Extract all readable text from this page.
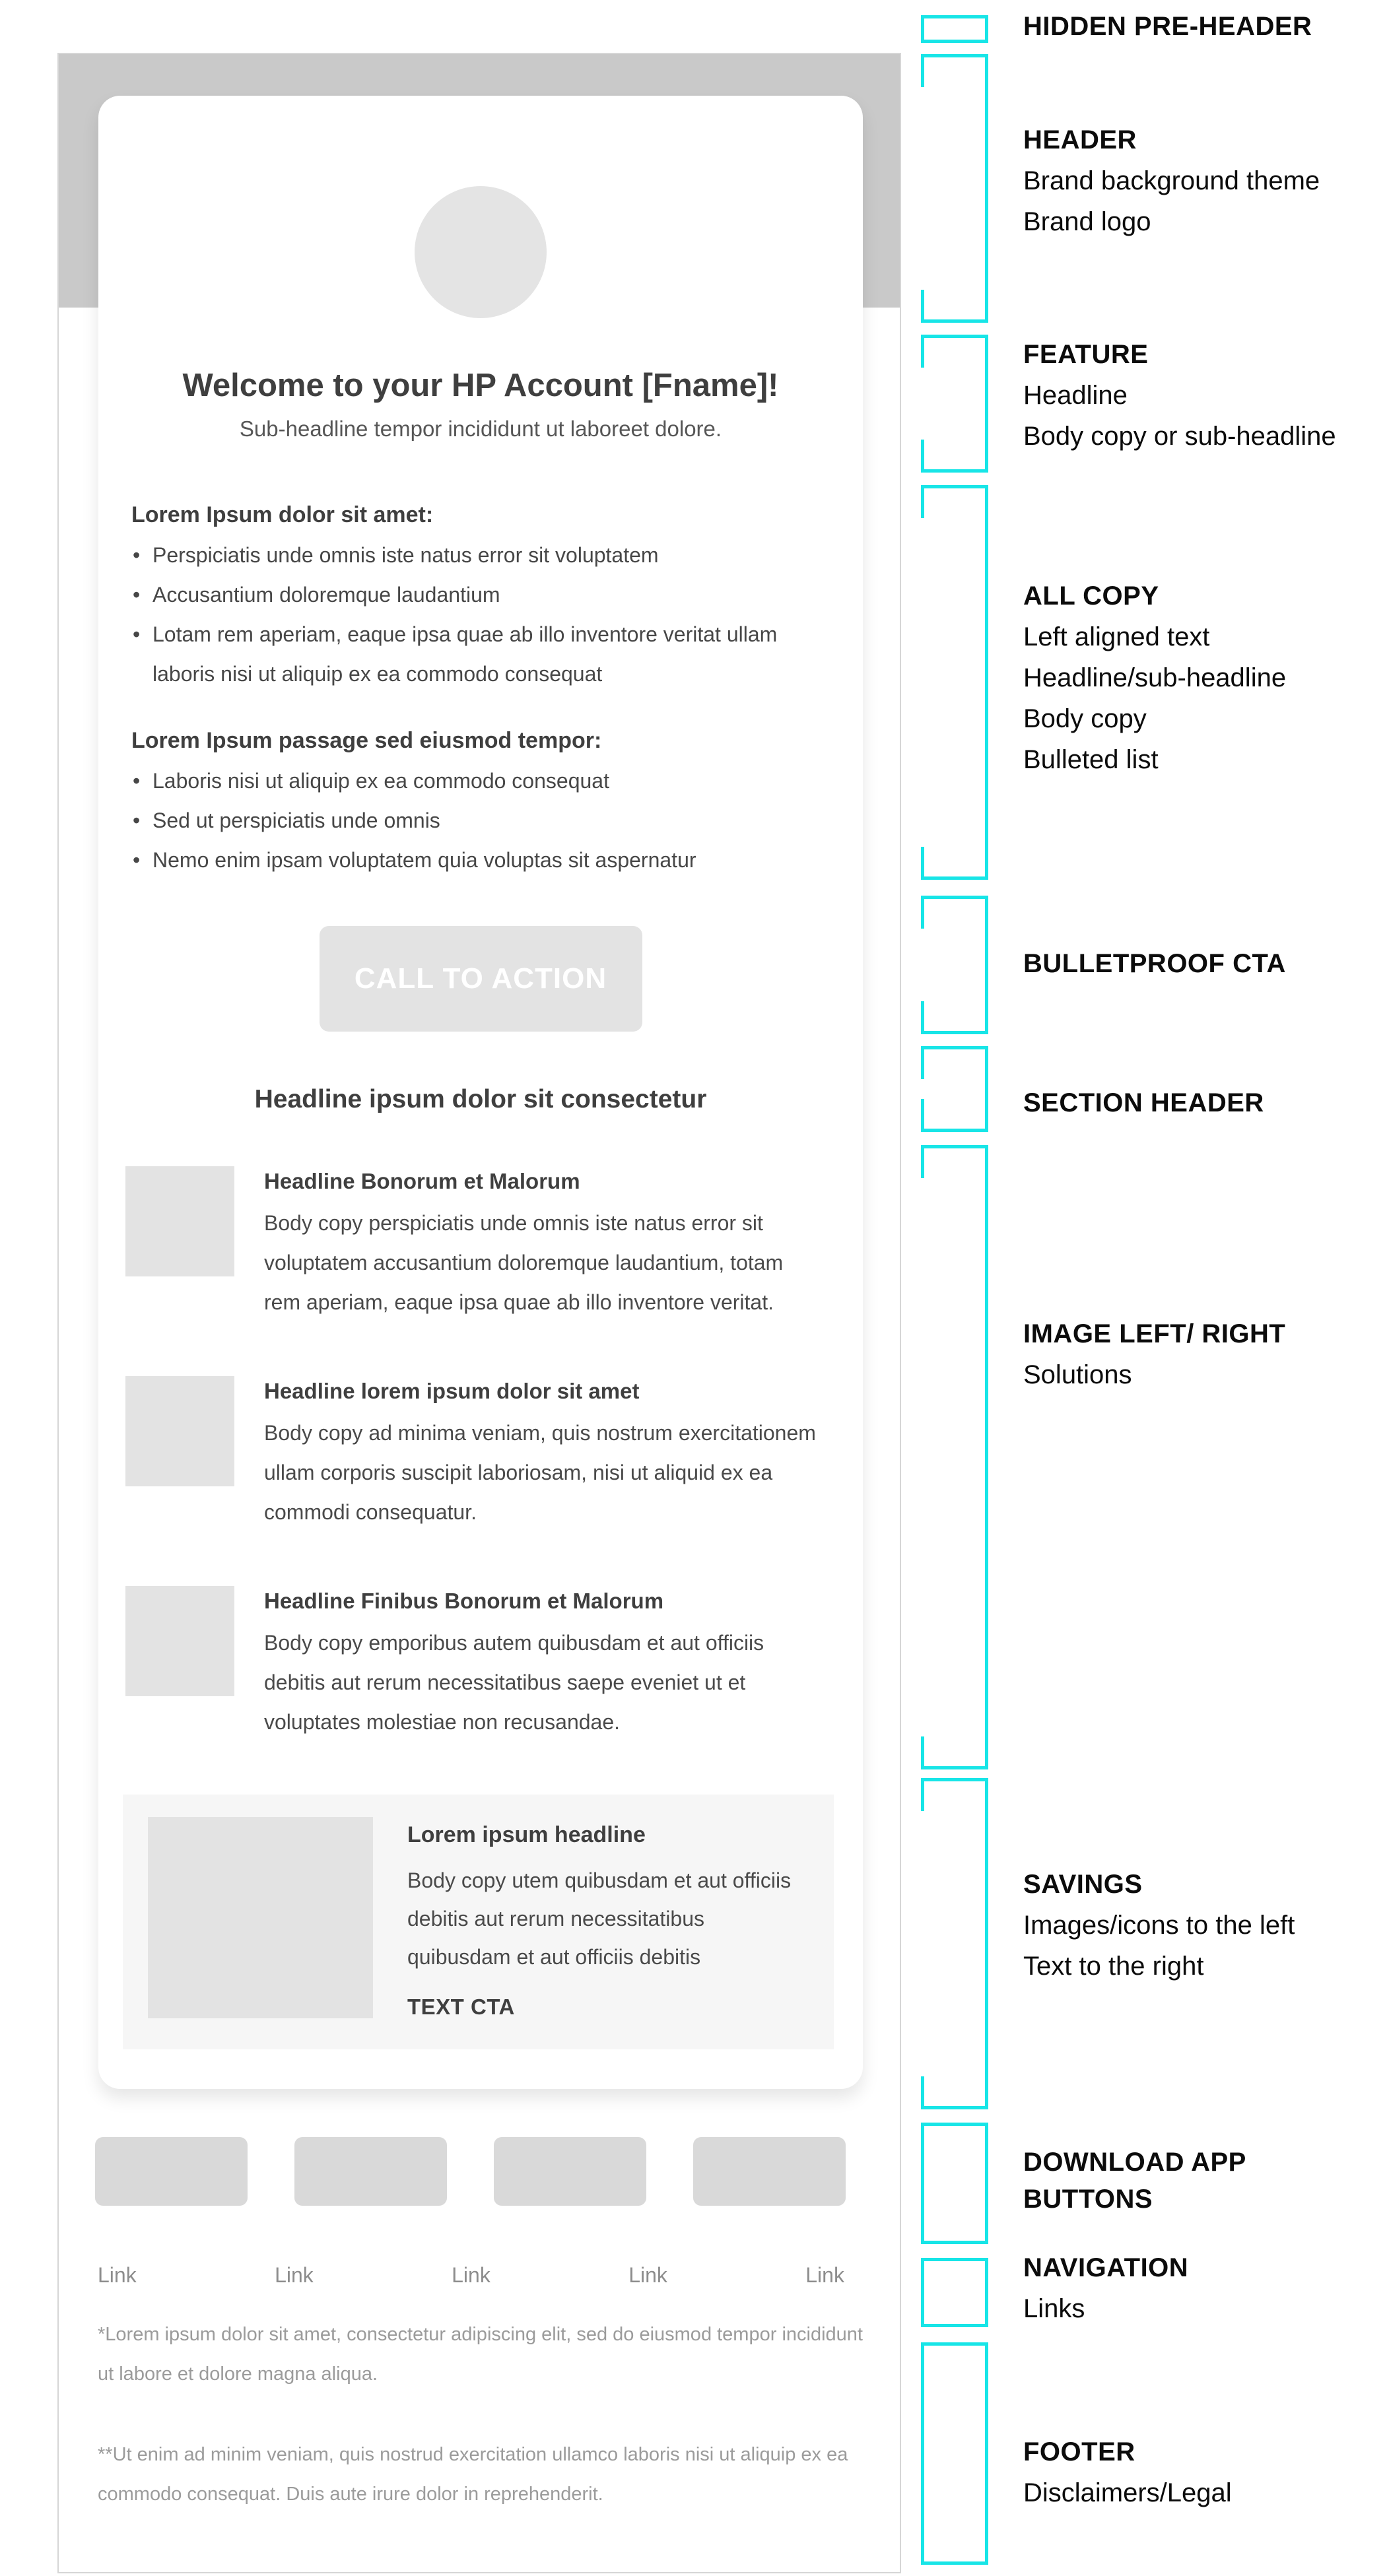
Welcome to your HP Account [Fname]!
Sub-headline tempor incididunt ut laboreet dolore.
Lorem Ipsum dolor sit amet:
• Perspiciatis unde omnis iste natus error sit voluptatem
• Accusantium doloremque laudantium
• Lotam rem aperiam, eaque ipsa quae ab illo inventore veritat ullam laboris nisi ut aliquip ex ea commodo consequat
Lorem Ipsum passage sed eiusmod tempor:
• Laboris nisi ut aliquip ex ea commodo consequat
• Sed ut perspiciatis unde omnis
• Nemo enim ipsam voluptatem quia voluptas sit aspernatur
CALL TO ACTION
Headline ipsum dolor sit consectetur
Headline Bonorum et Malorum

Body copy perspiciatis unde omnis iste natus error sit voluptatem accusantium doloremque laudantium, totam rem aperiam, eaque ipsa quae ab illo inventore veritat.

Headline lorem ipsum dolor sit amet

Body copy ad minima veniam, quis nostrum exercitationem ullam corporis suscipit laboriosam, nisi ut aliquid ex ea commodi consequatur.

Headline Finibus Bonorum et Malorum

Body copy emporibus autem quibusdam et aut officiis debitis aut rerum necessitatibus saepe eveniet ut et voluptates molestiae non recusandae.

Lorem ipsum headline

Body copy utem quibusdam et aut officiis debitis aut rerum necessitatibus quibusdam et aut officiis debitis

TEXT CTA
Link	Link	Link	Link	Link

*Lorem ipsum dolor sit amet, consectetur adipiscing elit, sed do eiusmod tempor incididunt ut labore et dolore magna aliqua.

**Ut enim ad minim veniam, quis nostrud exercitation ullamco laboris nisi ut aliquip ex ea commodo consequat. Duis aute irure dolor in reprehenderit.

HIDDEN PRE-HEADER
HEADER
Brand background theme
Brand logo
FEATURE
Headline
Body copy or sub-headline
ALL COPY
Left aligned text
Headline/sub-headline
Body copy
Bulleted list
BULLETPROOF CTA
SECTION HEADER
IMAGE LEFT/ RIGHT
Solutions
SAVINGS
Images/icons to the left
Text to the right
DOWNLOAD APP BUTTONS
NAVIGATION
Links
FOOTER
Disclaimers/Legal
